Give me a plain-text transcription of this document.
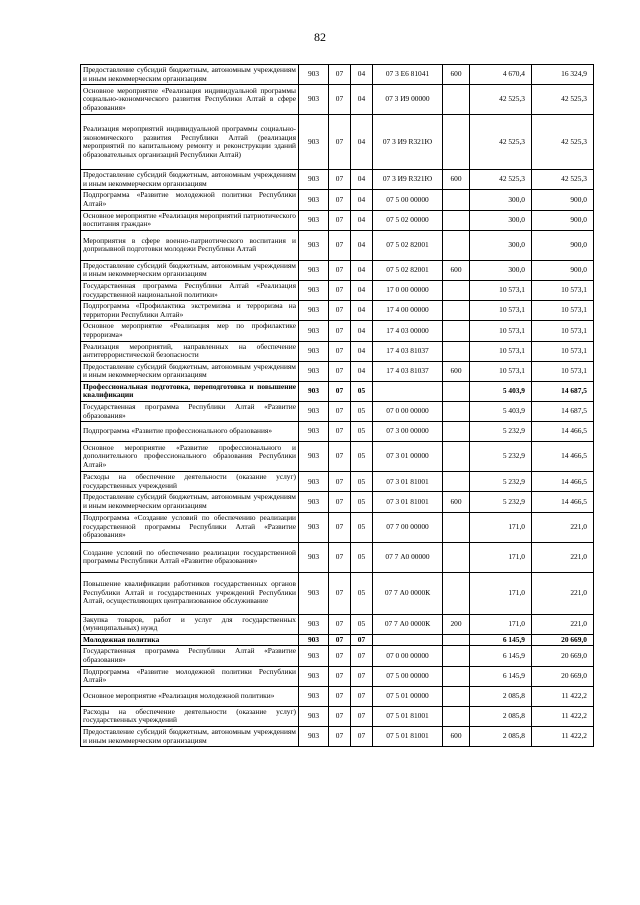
82
Предоставление субсидий бюджетным, автономным учреждениям и иным некоммерческим организациям	903	07	04	07 3 Е6 81041	600	4 670,4	16 324,9
Основное мероприятие «Реализация индивидуальной программы социально-экономического развития Республики Алтай в сфере образования»	903	07	04	07 3 И9 00000		42 525,3	42 525,3
Реализация мероприятий индивидуальной программы социально-экономического развития Республики Алтай (реализация мероприятий по капитальному ремонту и реконструкции зданий образовательных организаций Республики Алтай)	903	07	04	07 3 И9 R321Ю		42 525,3	42 525,3
Предоставление субсидий бюджетным, автономным учреждениям и иным некоммерческим организациям	903	07	04	07 3 И9 R321Ю	600	42 525,3	42 525,3
Подпрограмма «Развитие молодежной политики Республики Алтай»	903	07	04	07 5 00 00000		300,0	900,0
Основное мероприятие «Реализация мероприятий патриотического воспитания граждан»	903	07	04	07 5 02 00000		300,0	900,0
Мероприятия в сфере военно-патриотического воспитания и допризывной подготовки молодежи Республики Алтай	903	07	04	07 5 02 82001		300,0	900,0
Предоставление субсидий бюджетным, автономным учреждениям и иным некоммерческим организациям	903	07	04	07 5 02 82001	600	300,0	900,0
Государственная программа Республики Алтай «Реализация государственной национальной политики»	903	07	04	17 0 00 00000		10 573,1	10 573,1
Подпрограмма «Профилактика экстремизма и терроризма на территории Республики Алтай»	903	07	04	17 4 00 00000		10 573,1	10 573,1
Основное мероприятие «Реализация мер по профилактике терроризма»	903	07	04	17 4 03 00000		10 573,1	10 573,1
Реализация мероприятий, направленных на обеспечение антитеррористической безопасности	903	07	04	17 4 03 81037		10 573,1	10 573,1
Предоставление субсидий бюджетным, автономным учреждениям и иным некоммерческим организациям	903	07	04	17 4 03 81037	600	10 573,1	10 573,1
Профессиональная подготовка, переподготовка и повышение квалификации	903	07	05			5 403,9	14 687,5
Государственная программа Республики Алтай «Развитие образования»	903	07	05	07 0 00 00000		5 403,9	14 687,5
Подпрограмма «Развитие профессионального образования»	903	07	05	07 3 00 00000		5 232,9	14 466,5
Основное мероприятие «Развитие профессионального и дополнительного профессионального образования Республики Алтай»	903	07	05	07 3 01 00000		5 232,9	14 466,5
Расходы на обеспечение деятельности (оказание услуг) государственных учреждений	903	07	05	07 3 01 81001		5 232,9	14 466,5
Предоставление субсидий бюджетным, автономным учреждениям и иным некоммерческим организациям	903	07	05	07 3 01 81001	600	5 232,9	14 466,5
Подпрограмма «Создание условий по обеспечению реализации государственной программы Республики Алтай «Развитие образования»	903	07	05	07 7 00 00000		171,0	221,0
Создание условий по обеспечению реализации государственной программы Республики Алтай «Развитие образования»	903	07	05	07 7 А0 00000		171,0	221,0
Повышение квалификации работников государственных органов Республики Алтай и государственных учреждений Республики Алтай, осуществляющих централизованное обслуживание	903	07	05	07 7 А0 0000К		171,0	221,0
Закупка товаров, работ и услуг для государственных (муниципальных) нужд	903	07	05	07 7 А0 0000К	200	171,0	221,0
Молодежная политика	903	07	07			6 145,9	20 669,0
Государственная программа Республики Алтай «Развитие образования»	903	07	07	07 0 00 00000		6 145,9	20 669,0
Подпрограмма «Развитие молодежной политики Республики Алтай»	903	07	07	07 5 00 00000		6 145,9	20 669,0
Основное мероприятие «Реализация молодежной политики»	903	07	07	07 5 01 00000		2 085,8	11 422,2
Расходы на обеспечение деятельности (оказание услуг) государственных учреждений	903	07	07	07 5 01 81001		2 085,8	11 422,2
Предоставление субсидий бюджетным, автономным учреждениям и иным некоммерческим организациям	903	07	07	07 5 01 81001	600	2 085,8	11 422,2
